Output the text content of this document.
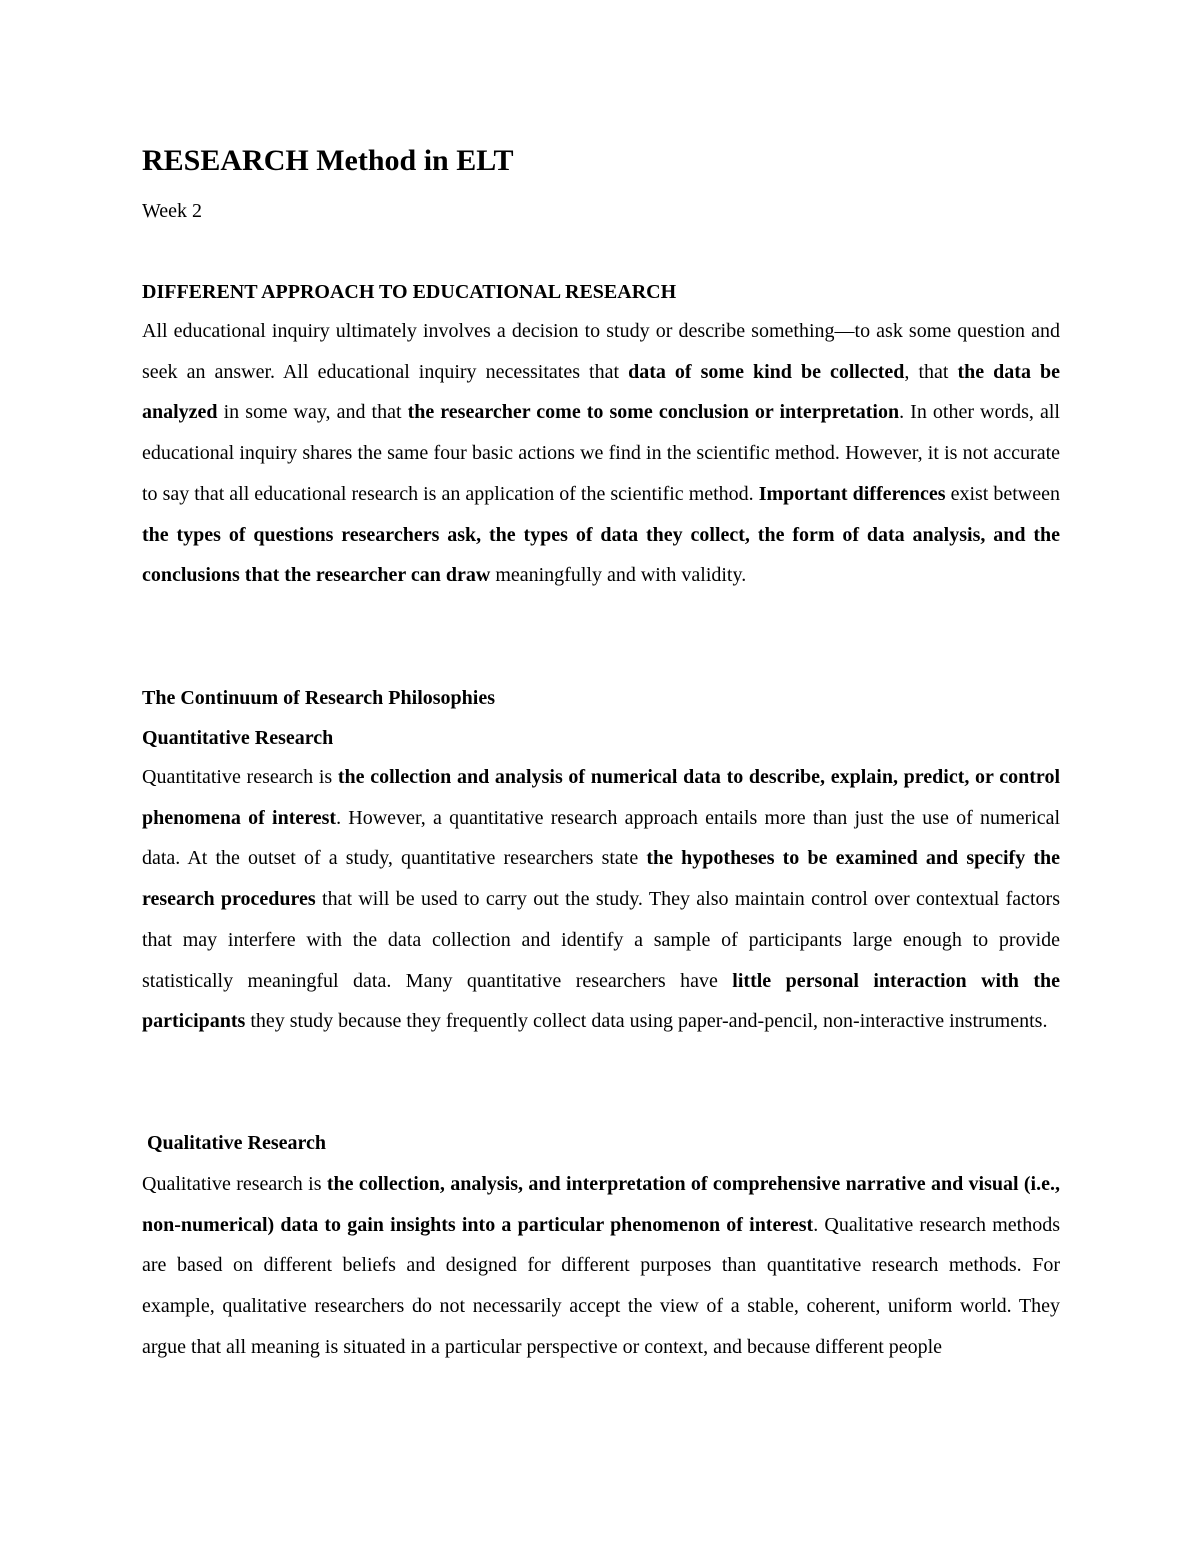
RESEARCH Method in ELT

Week 2

DIFFERENT APPROACH TO EDUCATIONAL RESEARCH

All educational inquiry ultimately involves a decision to study or describe something—to ask some question and seek an answer. All educational inquiry necessitates that data of some kind be collected, that the data be analyzed in some way, and that the researcher come to some conclusion or interpretation. In other words, all educational inquiry shares the same four basic actions we find in the scientific method. However, it is not accurate to say that all educational research is an application of the scientific method. Important differences exist between the types of questions researchers ask, the types of data they collect, the form of data analysis, and the conclusions that the researcher can draw meaningfully and with validity.

The Continuum of Research Philosophies
Quantitative Research

Quantitative research is the collection and analysis of numerical data to describe, explain, predict, or control phenomena of interest. However, a quantitative research approach entails more than just the use of numerical data. At the outset of a study, quantitative researchers state the hypotheses to be examined and specify the research procedures that will be used to carry out the study. They also maintain control over contextual factors that may interfere with the data collection and identify a sample of participants large enough to provide statistically meaningful data. Many quantitative researchers have little personal interaction with the participants they study because they frequently collect data using paper-and-pencil, non-interactive instruments.

Qualitative Research

Qualitative research is the collection, analysis, and interpretation of comprehensive narrative and visual (i.e., non-numerical) data to gain insights into a particular phenomenon of interest. Qualitative research methods are based on different beliefs and designed for different purposes than quantitative research methods. For example, qualitative researchers do not necessarily accept the view of a stable, coherent, uniform world. They argue that all meaning is situated in a particular perspective or context, and because different people
